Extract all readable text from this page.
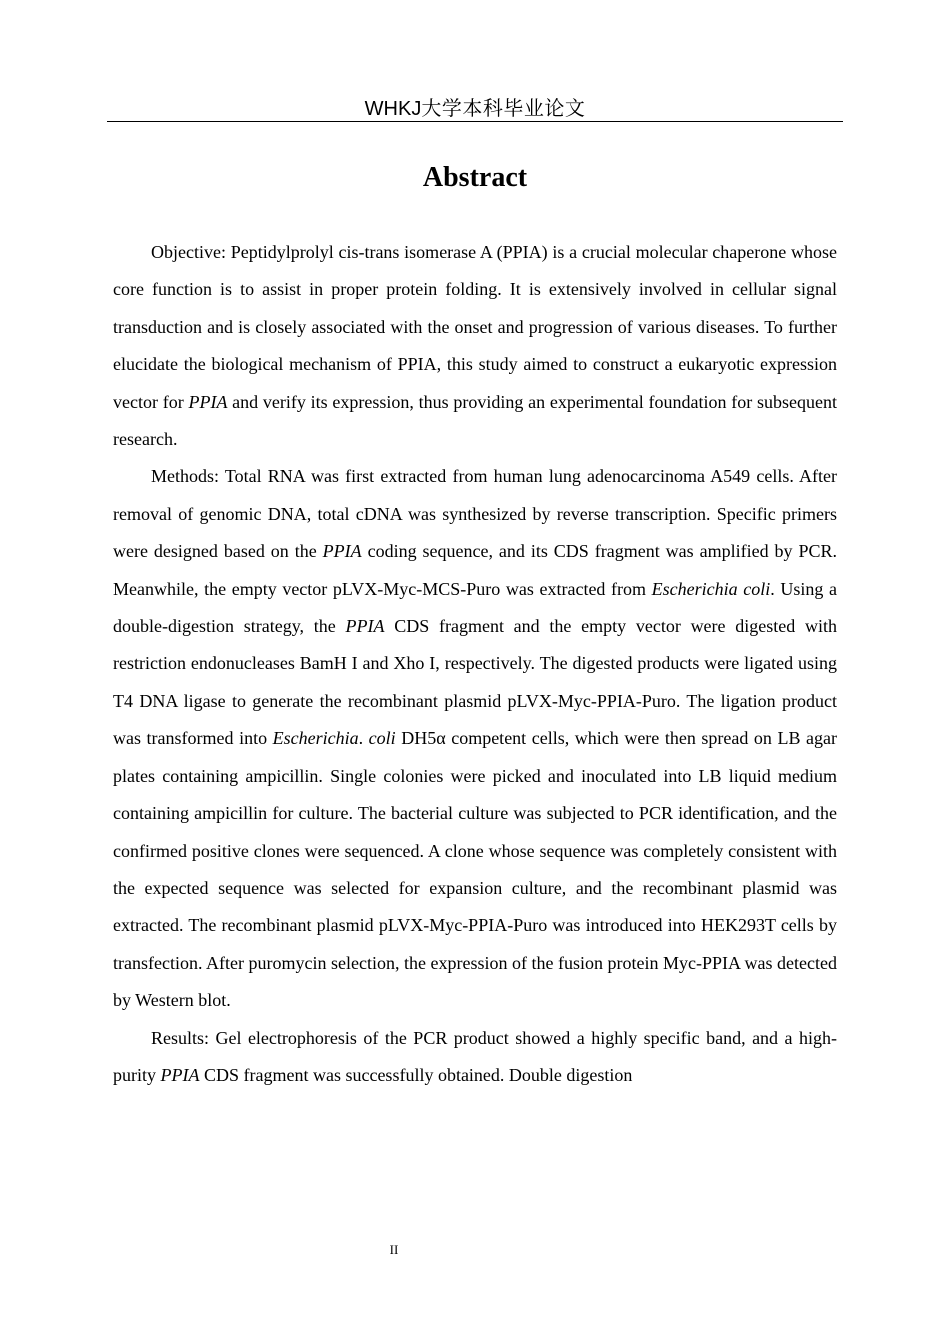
WHKJ大学本科毕业论文
Abstract

Objective: Peptidylprolyl cis-trans isomerase A (PPIA) is a crucial molecular chaperone whose core function is to assist in proper protein folding. It is extensively involved in cellular signal transduction and is closely associated with the onset and progression of various diseases. To further elucidate the biological mechanism of PPIA, this study aimed to construct a eukaryotic expression vector for PPIA and verify its expression, thus providing an experimental foundation for subsequent research.

Methods: Total RNA was first extracted from human lung adenocarcinoma A549 cells. After removal of genomic DNA, total cDNA was synthesized by reverse transcription. Specific primers were designed based on the PPIA coding sequence, and its CDS fragment was amplified by PCR. Meanwhile, the empty vector pLVX-Myc-MCS-Puro was extracted from Escherichia coli. Using a double-digestion strategy, the PPIA CDS fragment and the empty vector were digested with restriction endonucleases BamH I and Xho I, respectively. The digested products were ligated using T4 DNA ligase to generate the recombinant plasmid pLVX-Myc-PPIA-Puro. The ligation product was transformed into Escherichia. coli DH5α competent cells, which were then spread on LB agar plates containing ampicillin. Single colonies were picked and inoculated into LB liquid medium containing ampicillin for culture. The bacterial culture was subjected to PCR identification, and the confirmed positive clones were sequenced. A clone whose sequence was completely consistent with the expected sequence was selected for expansion culture, and the recombinant plasmid was extracted. The recombinant plasmid pLVX-Myc-PPIA-Puro was introduced into HEK293T cells by transfection. After puromycin selection, the expression of the fusion protein Myc-PPIA was detected by Western blot.

Results: Gel electrophoresis of the PCR product showed a highly specific band, and a high-purity PPIA CDS fragment was successfully obtained. Double digestion

II
